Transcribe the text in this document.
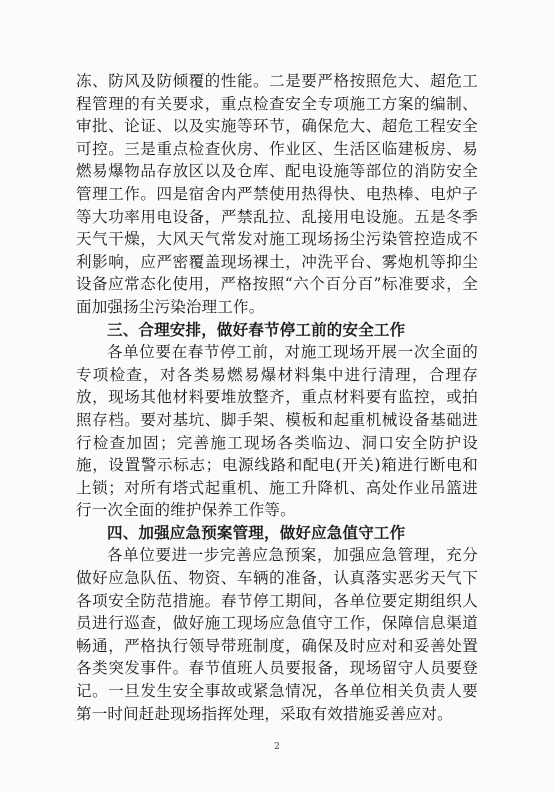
冻、防风及防倾覆的性能。二是要严格按照危大、超危工程管理的有关要求，重点检查安全专项施工方案的编制、审批、论证、以及实施等环节，确保危大、超危工程安全可控。三是重点检查伙房、作业区、生活区临建板房、易燃易爆物品存放区以及仓库、配电设施等部位的消防安全管理工作。四是宿舍内严禁使用热得快、电热棒、电炉子等大功率用电设备，严禁乱拉、乱接用电设施。五是冬季天气干燥，大风天气常发对施工现场扬尘污染管控造成不利影响，应严密覆盖现场裸土，冲洗平台、雾炮机等抑尘设备应常态化使用，严格按照“六个百分百”标准要求，全面加强扬尘污染治理工作。

三、合理安排，做好春节停工前的安全工作

各单位要在春节停工前，对施工现场开展一次全面的专项检查，对各类易燃易爆材料集中进行清理，合理存放，现场其他材料要堆放整齐，重点材料要有监控，或拍照存档。要对基坑、脚手架、模板和起重机械设备基础进行检查加固；完善施工现场各类临边、洞口安全防护设施，设置警示标志；电源线路和配电(开关)箱进行断电和上锁；对所有塔式起重机、施工升降机、高处作业吊篮进行一次全面的维护保养工作等。

四、加强应急预案管理，做好应急值守工作

各单位要进一步完善应急预案，加强应急管理，充分做好应急队伍、物资、车辆的准备，认真落实恶劣天气下各项安全防范措施。春节停工期间，各单位要定期组织人员进行巡查，做好施工现场应急值守工作，保障信息渠道畅通，严格执行领导带班制度，确保及时应对和妥善处置各类突发事件。春节值班人员要报备，现场留守人员要登记。一旦发生安全事故或紧急情况，各单位相关负责人要第一时间赶赴现场指挥处理，采取有效措施妥善应对。

2
